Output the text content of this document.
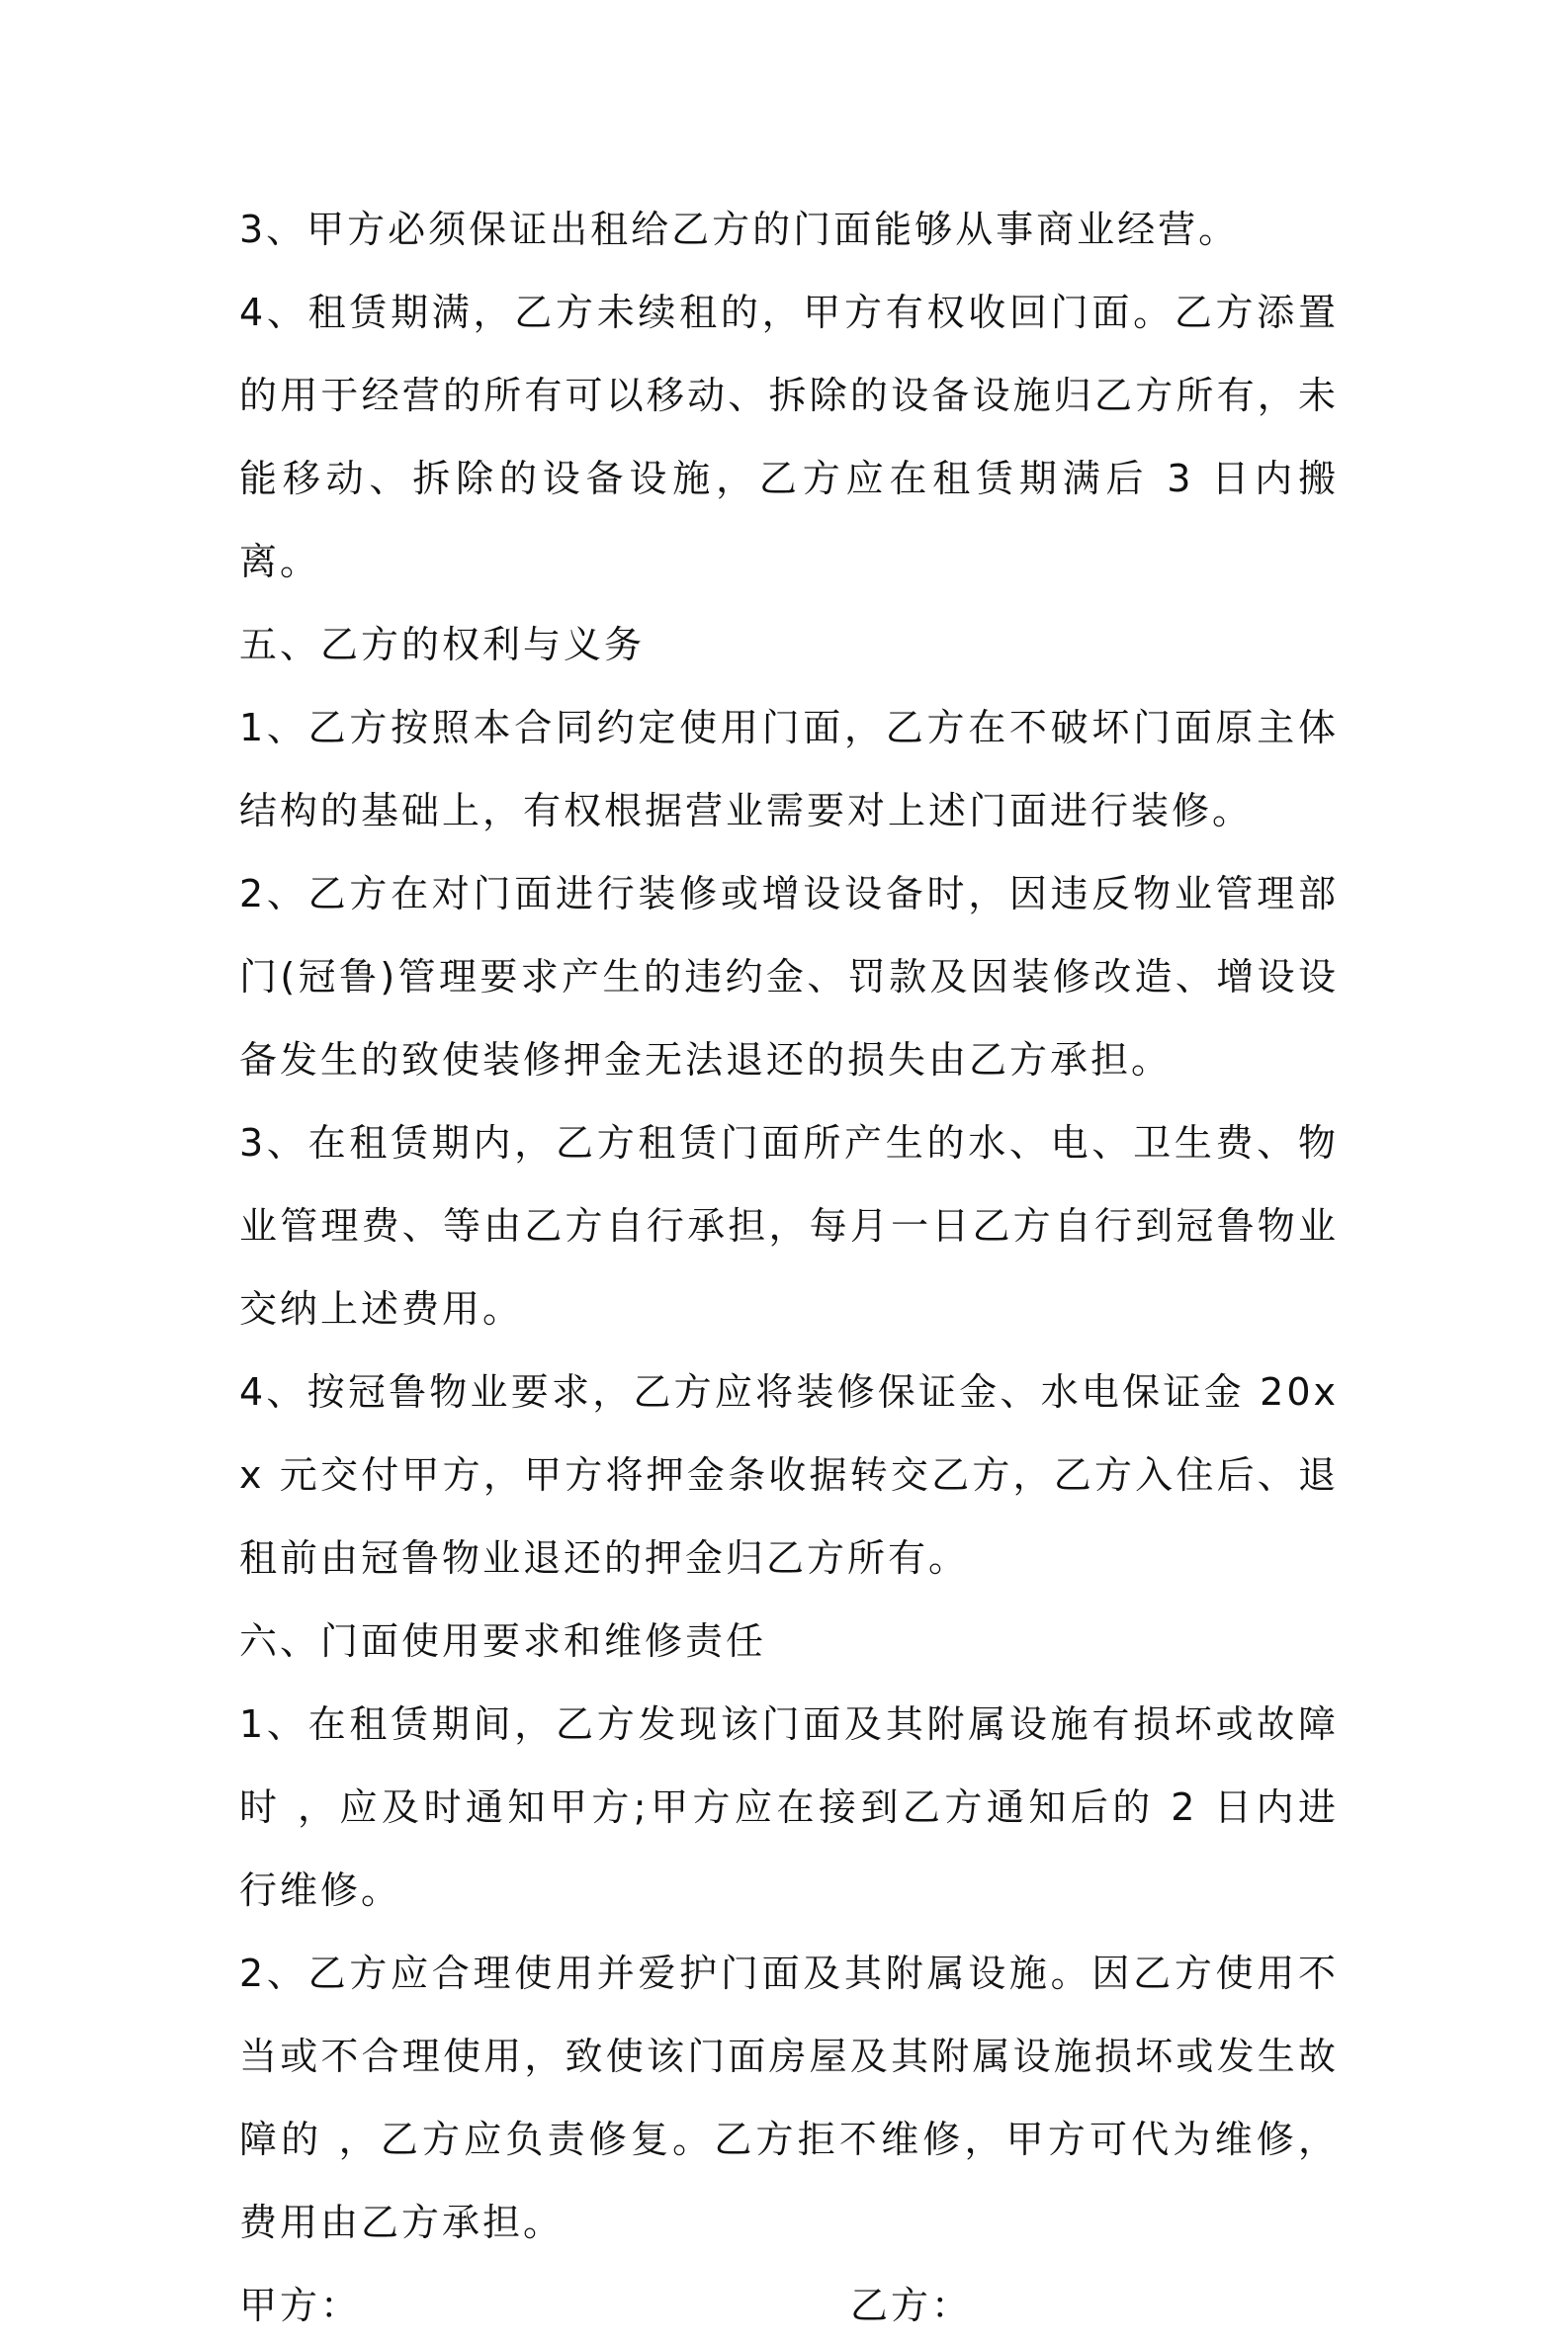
3、甲方必须保证出租给乙方的门面能够从事商业经营。

4、租赁期满，乙方未续租的，甲方有权收回门面。乙方添置的用于经营的所有可以移动、拆除的设备设施归乙方所有，未能移动、拆除的设备设施，乙方应在租赁期满后 3 日内搬离。

五、乙方的权利与义务

1、乙方按照本合同约定使用门面，乙方在不破坏门面原主体结构的基础上，有权根据营业需要对上述门面进行装修。

2、乙方在对门面进行装修或增设设备时，因违反物业管理部门(冠鲁)管理要求产生的违约金、罚款及因装修改造、增设设备发生的致使装修押金无法退还的损失由乙方承担。

3、在租赁期内，乙方租赁门面所产生的水、电、卫生费、物业管理费、等由乙方自行承担，每月一日乙方自行到冠鲁物业交纳上述费用。

4、按冠鲁物业要求，乙方应将装修保证金、水电保证金 20xx 元交付甲方，甲方将押金条收据转交乙方，乙方入住后、退租前由冠鲁物业退还的押金归乙方所有。

六、门面使用要求和维修责任

1、在租赁期间，乙方发现该门面及其附属设施有损坏或故障时 ，应及时通知甲方;甲方应在接到乙方通知后的 2 日内进行维修。

2、乙方应合理使用并爱护门面及其附属设施。因乙方使用不当或不合理使用，致使该门面房屋及其附属设施损坏或发生故障的 ，乙方应负责修复。乙方拒不维修，甲方可代为维修，费用由乙方承担。

甲方：	乙方：
